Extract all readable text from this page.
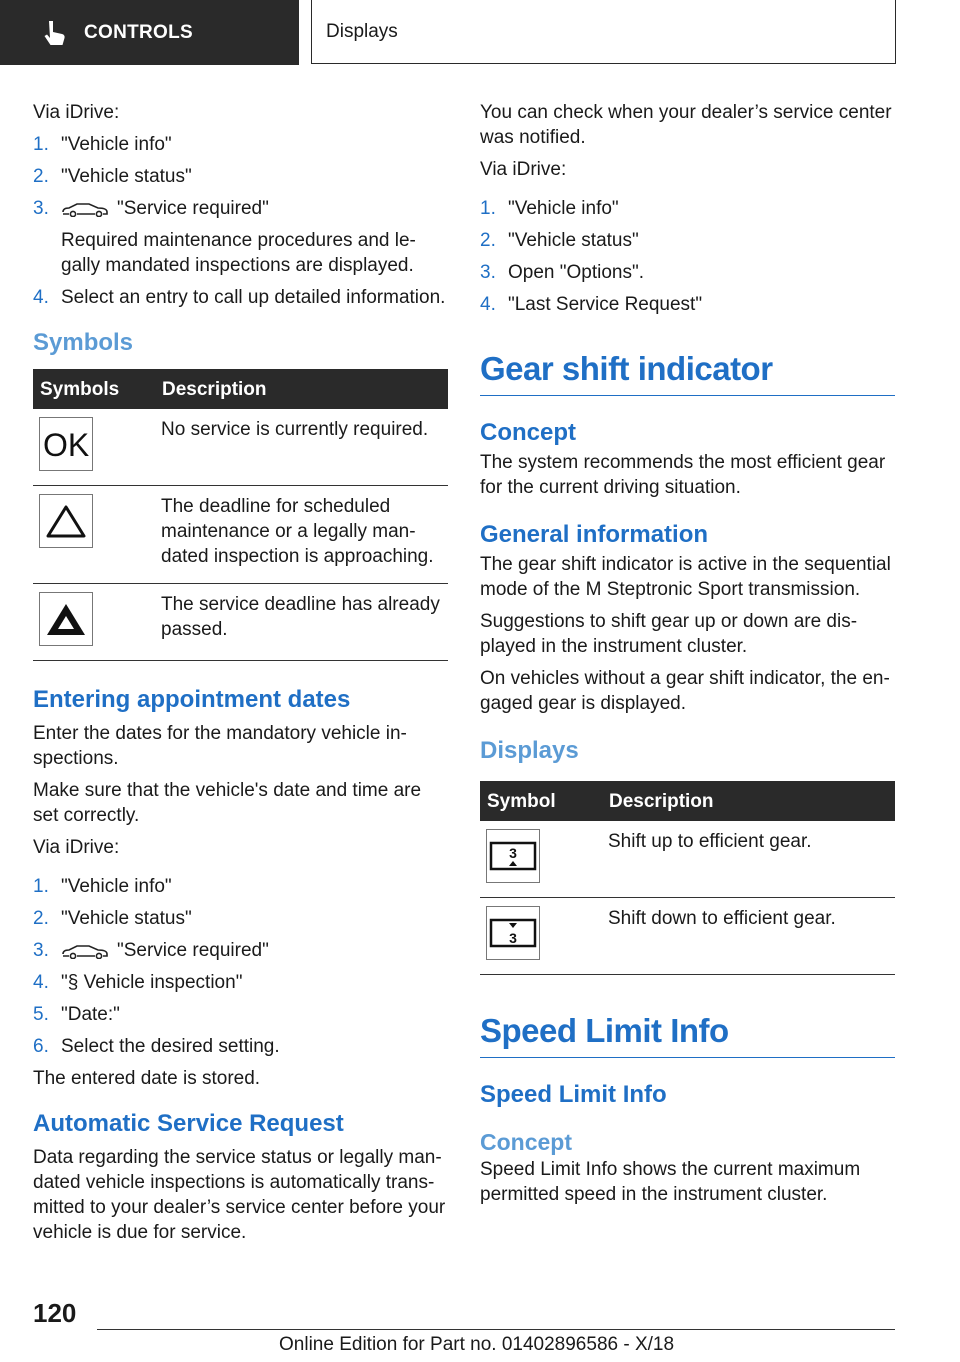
CONTROLS	Displays

Via iDrive:

1. "Vehicle info"
2. "Vehicle status"
3.	"Service required"
Required maintenance procedures and le‐gally mandated inspections are displayed.
4. Select an entry to call up detailed information.
Symbols
Symbols	Description

OK	No service is currently required.

	The deadline for scheduled maintenance or a legally man‐dated inspection is approaching.

	The service deadline has already passed.
Entering appointment dates

Enter the dates for the mandatory vehicle in‐spections.

Make sure that the vehicle's date and time are set correctly.

Via iDrive:

1. "Vehicle info"
2. "Vehicle status"
3.	"Service required"
4. "§ Vehicle inspection"
5. "Date:"
6. Select the desired setting.

The entered date is stored.

Automatic Service Request

Data regarding the service status or legally man‐dated vehicle inspections is automatically trans‐mitted to your dealer’s service center before your vehicle is due for service.

You can check when your dealer’s service center was notified.

Via iDrive:

1. "Vehicle info"
2. "Vehicle status"
3. Open "Options".
4. "Last Service Request"
Gear shift indicator
Concept

The system recommends the most efficient gear for the current driving situation.

General information

The gear shift indicator is active in the sequential mode of the M Steptronic Sport transmission.

Suggestions to shift gear up or down are dis‐played in the instrument cluster.

On vehicles without a gear shift indicator, the en‐gaged gear is displayed.

Displays
Symbol	Description

3	Shift up to efficient gear.

3	Shift down to efficient gear.
Speed Limit Info
Speed Limit Info
Concept

Speed Limit Info shows the current maximum permitted speed in the instrument cluster.

120
Online Edition for Part no. 01402896586 - X/18
